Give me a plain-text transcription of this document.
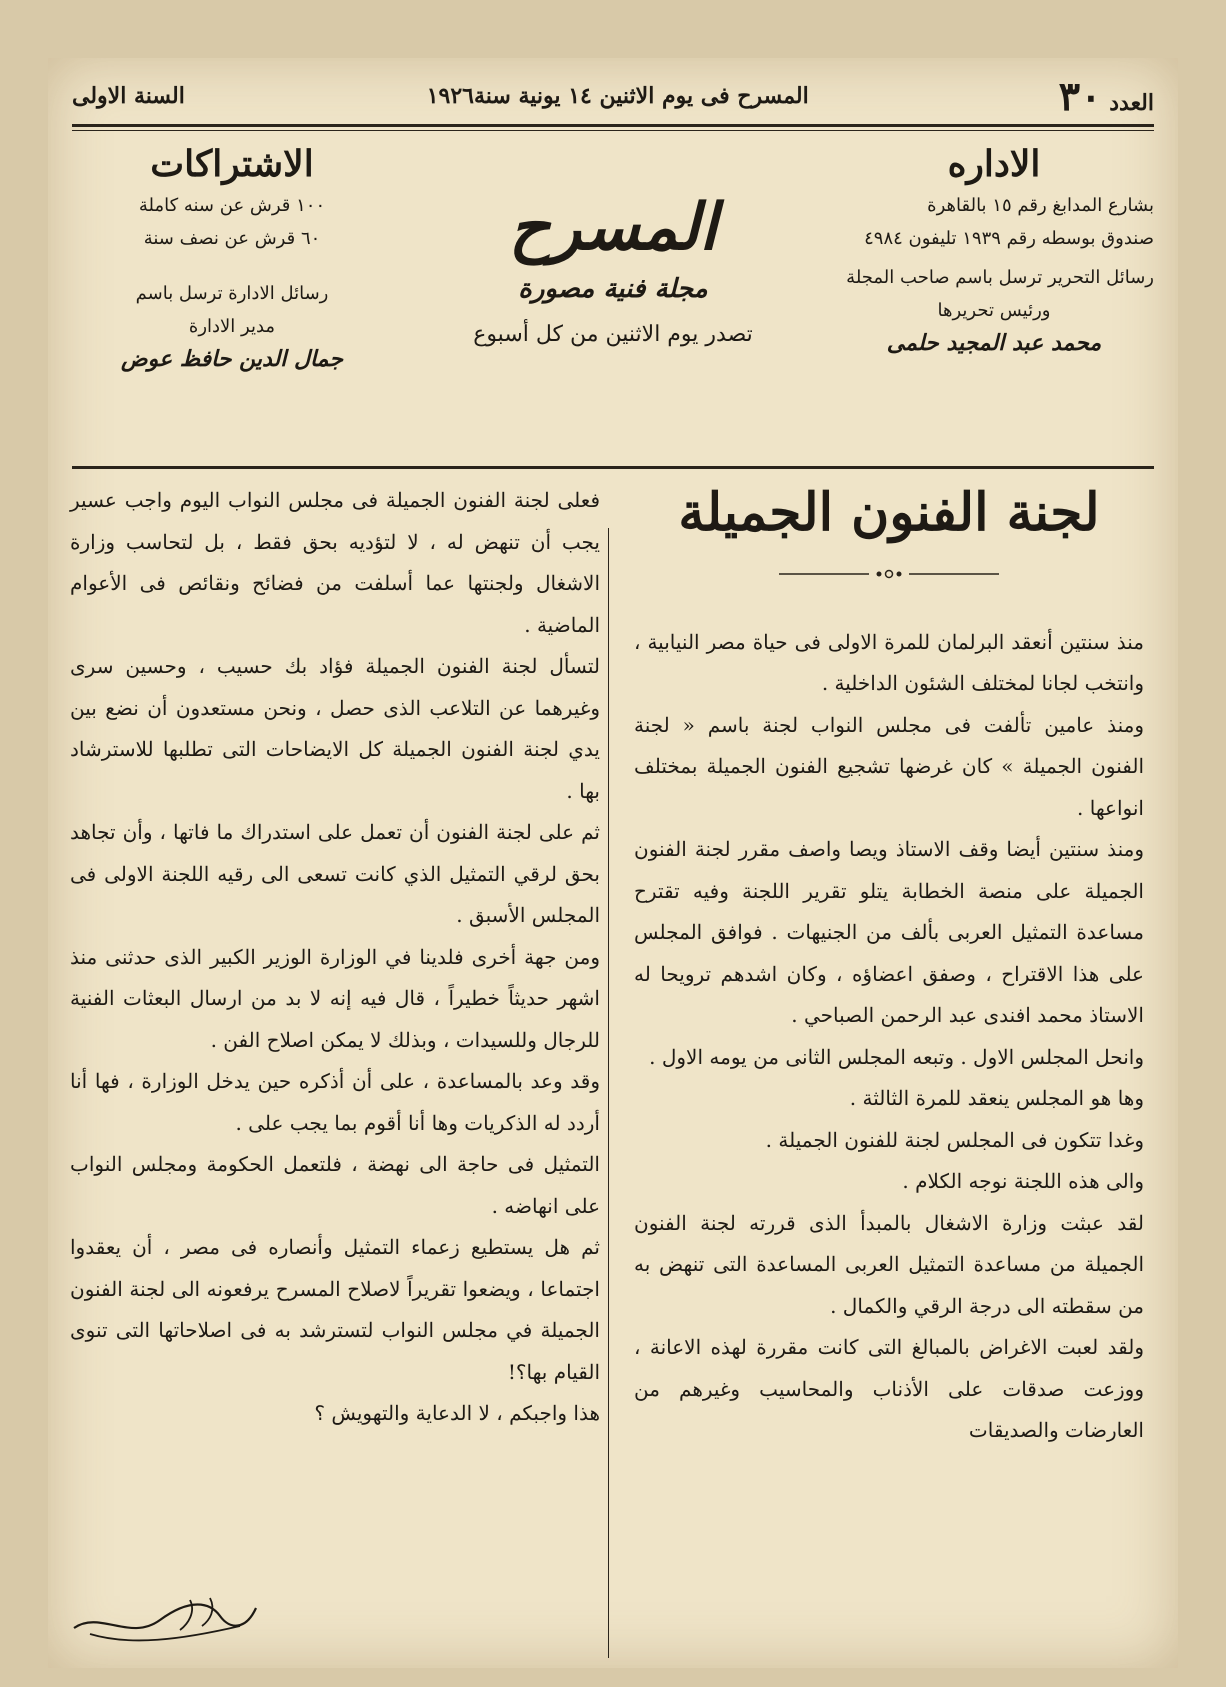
العدد ٣٠
المسرح فى يوم الاثنين ١٤ يونية سنة١٩٢٦
السنة الاولى
الاداره
بشارع المدابغ رقم ١٥ بالقاهرة
صندوق بوسطه رقم ١٩٣٩ تليفون ٤٩٨٤
رسائل التحرير ترسل باسم صاحب المجلة
ورئيس تحريرها
محمد عبد المجيد حلمى
المسرح
مجلة فنية مصورة
تصدر يوم الاثنين من كل أسبوع
الاشتراكات
١٠٠ قرش عن سنه كاملة
٦٠ قرش عن نصف سنة
رسائل الادارة ترسل باسم
مدير الادارة
جمال الدين حافظ عوض
لجنة الفنون الجميلة

منذ سنتين أنعقد البرلمان للمرة الاولى فى حياة مصر النيابية ، وانتخب لجانا لمختلف الشئون الداخلية .

ومنذ عامين تألفت فى مجلس النواب لجنة باسم « لجنة الفنون الجميلة » كان غرضها تشجيع الفنون الجميلة بمختلف انواعها .

ومنذ سنتين أيضا وقف الاستاذ ويصا واصف مقرر لجنة الفنون الجميلة على منصة الخطابة يتلو تقرير اللجنة وفيه تقترح مساعدة التمثيل العربى بألف من الجنيهات . فوافق المجلس على هذا الاقتراح ، وصفق اعضاؤه ، وكان اشدهم ترويحا له الاستاذ محمد افندى عبد الرحمن الصباحي .

وانحل المجلس الاول . وتبعه المجلس الثانى من يومه الاول .

وها هو المجلس ينعقد للمرة الثالثة .

وغدا تتكون فى المجلس لجنة للفنون الجميلة .

والى هذه اللجنة نوجه الكلام .

لقد عبثت وزارة الاشغال بالمبدأ الذى قررته لجنة الفنون الجميلة من مساعدة التمثيل العربى المساعدة التى تنهض به من سقطته الى درجة الرقي والكمال .

ولقد لعبت الاغراض بالمبالغ التى كانت مقررة لهذه الاعانة ، ووزعت صدقات على الأذناب والمحاسيب وغيرهم من العارضات والصديقات

فعلى لجنة الفنون الجميلة فى مجلس النواب اليوم واجب عسير يجب أن تنهض له ، لا لتؤديه بحق فقط ، بل لتحاسب وزارة الاشغال ولجنتها عما أسلفت من فضائح ونقائص فى الأعوام الماضية .

لتسأل لجنة الفنون الجميلة فؤاد بك حسيب ، وحسين سرى وغيرهما عن التلاعب الذى حصل ، ونحن مستعدون أن نضع بين يدي لجنة الفنون الجميلة كل الايضاحات التى تطلبها للاسترشاد بها .

ثم على لجنة الفنون أن تعمل على استدراك ما فاتها ، وأن تجاهد بحق لرقي التمثيل الذي كانت تسعى الى رقيه اللجنة الاولى فى المجلس الأسبق .

ومن جهة أخرى فلدينا في الوزارة الوزير الكبير الذى حدثنى منذ اشهر حديثاً خطيراً ، قال فيه إنه لا بد من ارسال البعثات الفنية للرجال وللسيدات ، وبذلك لا يمكن اصلاح الفن .

وقد وعد بالمساعدة ، على أن أذكره حين يدخل الوزارة ، فها أنا أردد له الذكريات وها أنا أقوم بما يجب على .

التمثيل فى حاجة الى نهضة ، فلتعمل الحكومة ومجلس النواب على انهاضه .

ثم هل يستطيع زعماء التمثيل وأنصاره فى مصر ، أن يعقدوا اجتماعا ، ويضعوا تقريراً لاصلاح المسرح يرفعونه الى لجنة الفنون الجميلة في مجلس النواب لتسترشد به فى اصلاحاتها التى تنوى القيام بها؟!

هذا واجبكم ، لا الدعاية والتهويش ؟
